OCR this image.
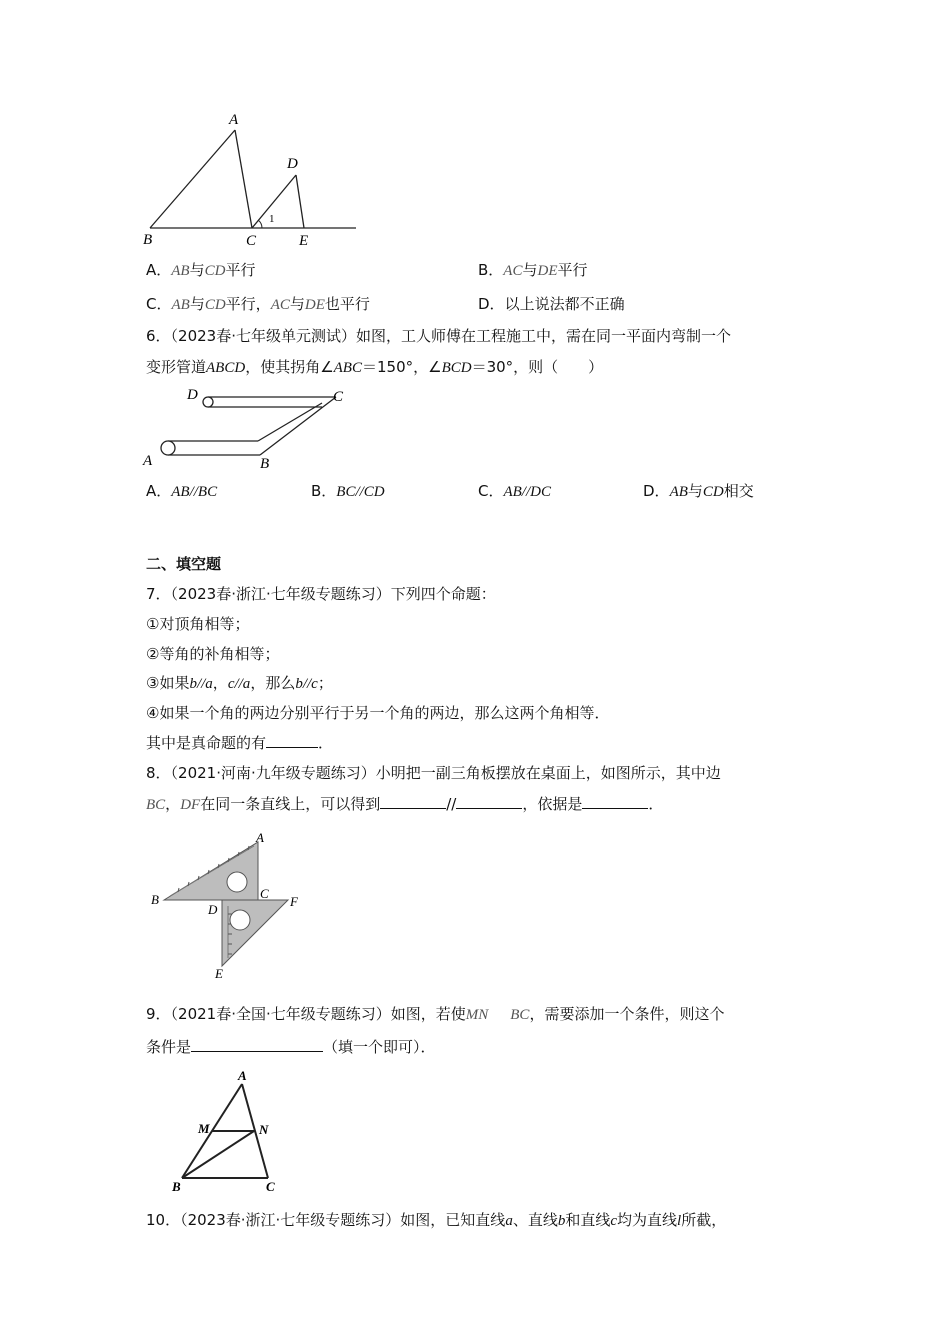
A
B	C
D
E
1
A．AB与CD平行	B．AC与DE平行
C．AB与CD平行，AC与DE也平行	D．以上说法都不正确
6．（2023春·七年级单元测试）如图，工人师傅在工程施工中，需在同一平面内弯制一个
变形管道ABCD，使其拐角∠ABC＝150°，∠BCD＝30°，则（　　）
D	C
A	B
A．AB//BC	B．BC//CD	C．AB//DC	D．AB与CD相交
二、填空题
7．（2023春·浙江·七年级专题练习）下列四个命题：
①对顶角相等；
②等角的补角相等；
③如果b//a，c//a，那么b//c；
④如果一个角的两边分别平行于另一个角的两边，那么这两个角相等．
其中是真命题的有	．
8．（2021·河南·九年级专题练习）小明把一副三角板摆放在桌面上，如图所示，其中边
BC，DF在同一条直线上，可以得到	//	，依据是	．
A
B	C
D
E
F
9．（2021春·全国·七年级专题练习）如图，若使MN BC，需要添加一个条件，则这个
条件是	（填一个即可）．
A
M	N
B	C
10．（2023春·浙江·七年级专题练习）如图，已知直线a、直线b和直线c均为直线l所截，
